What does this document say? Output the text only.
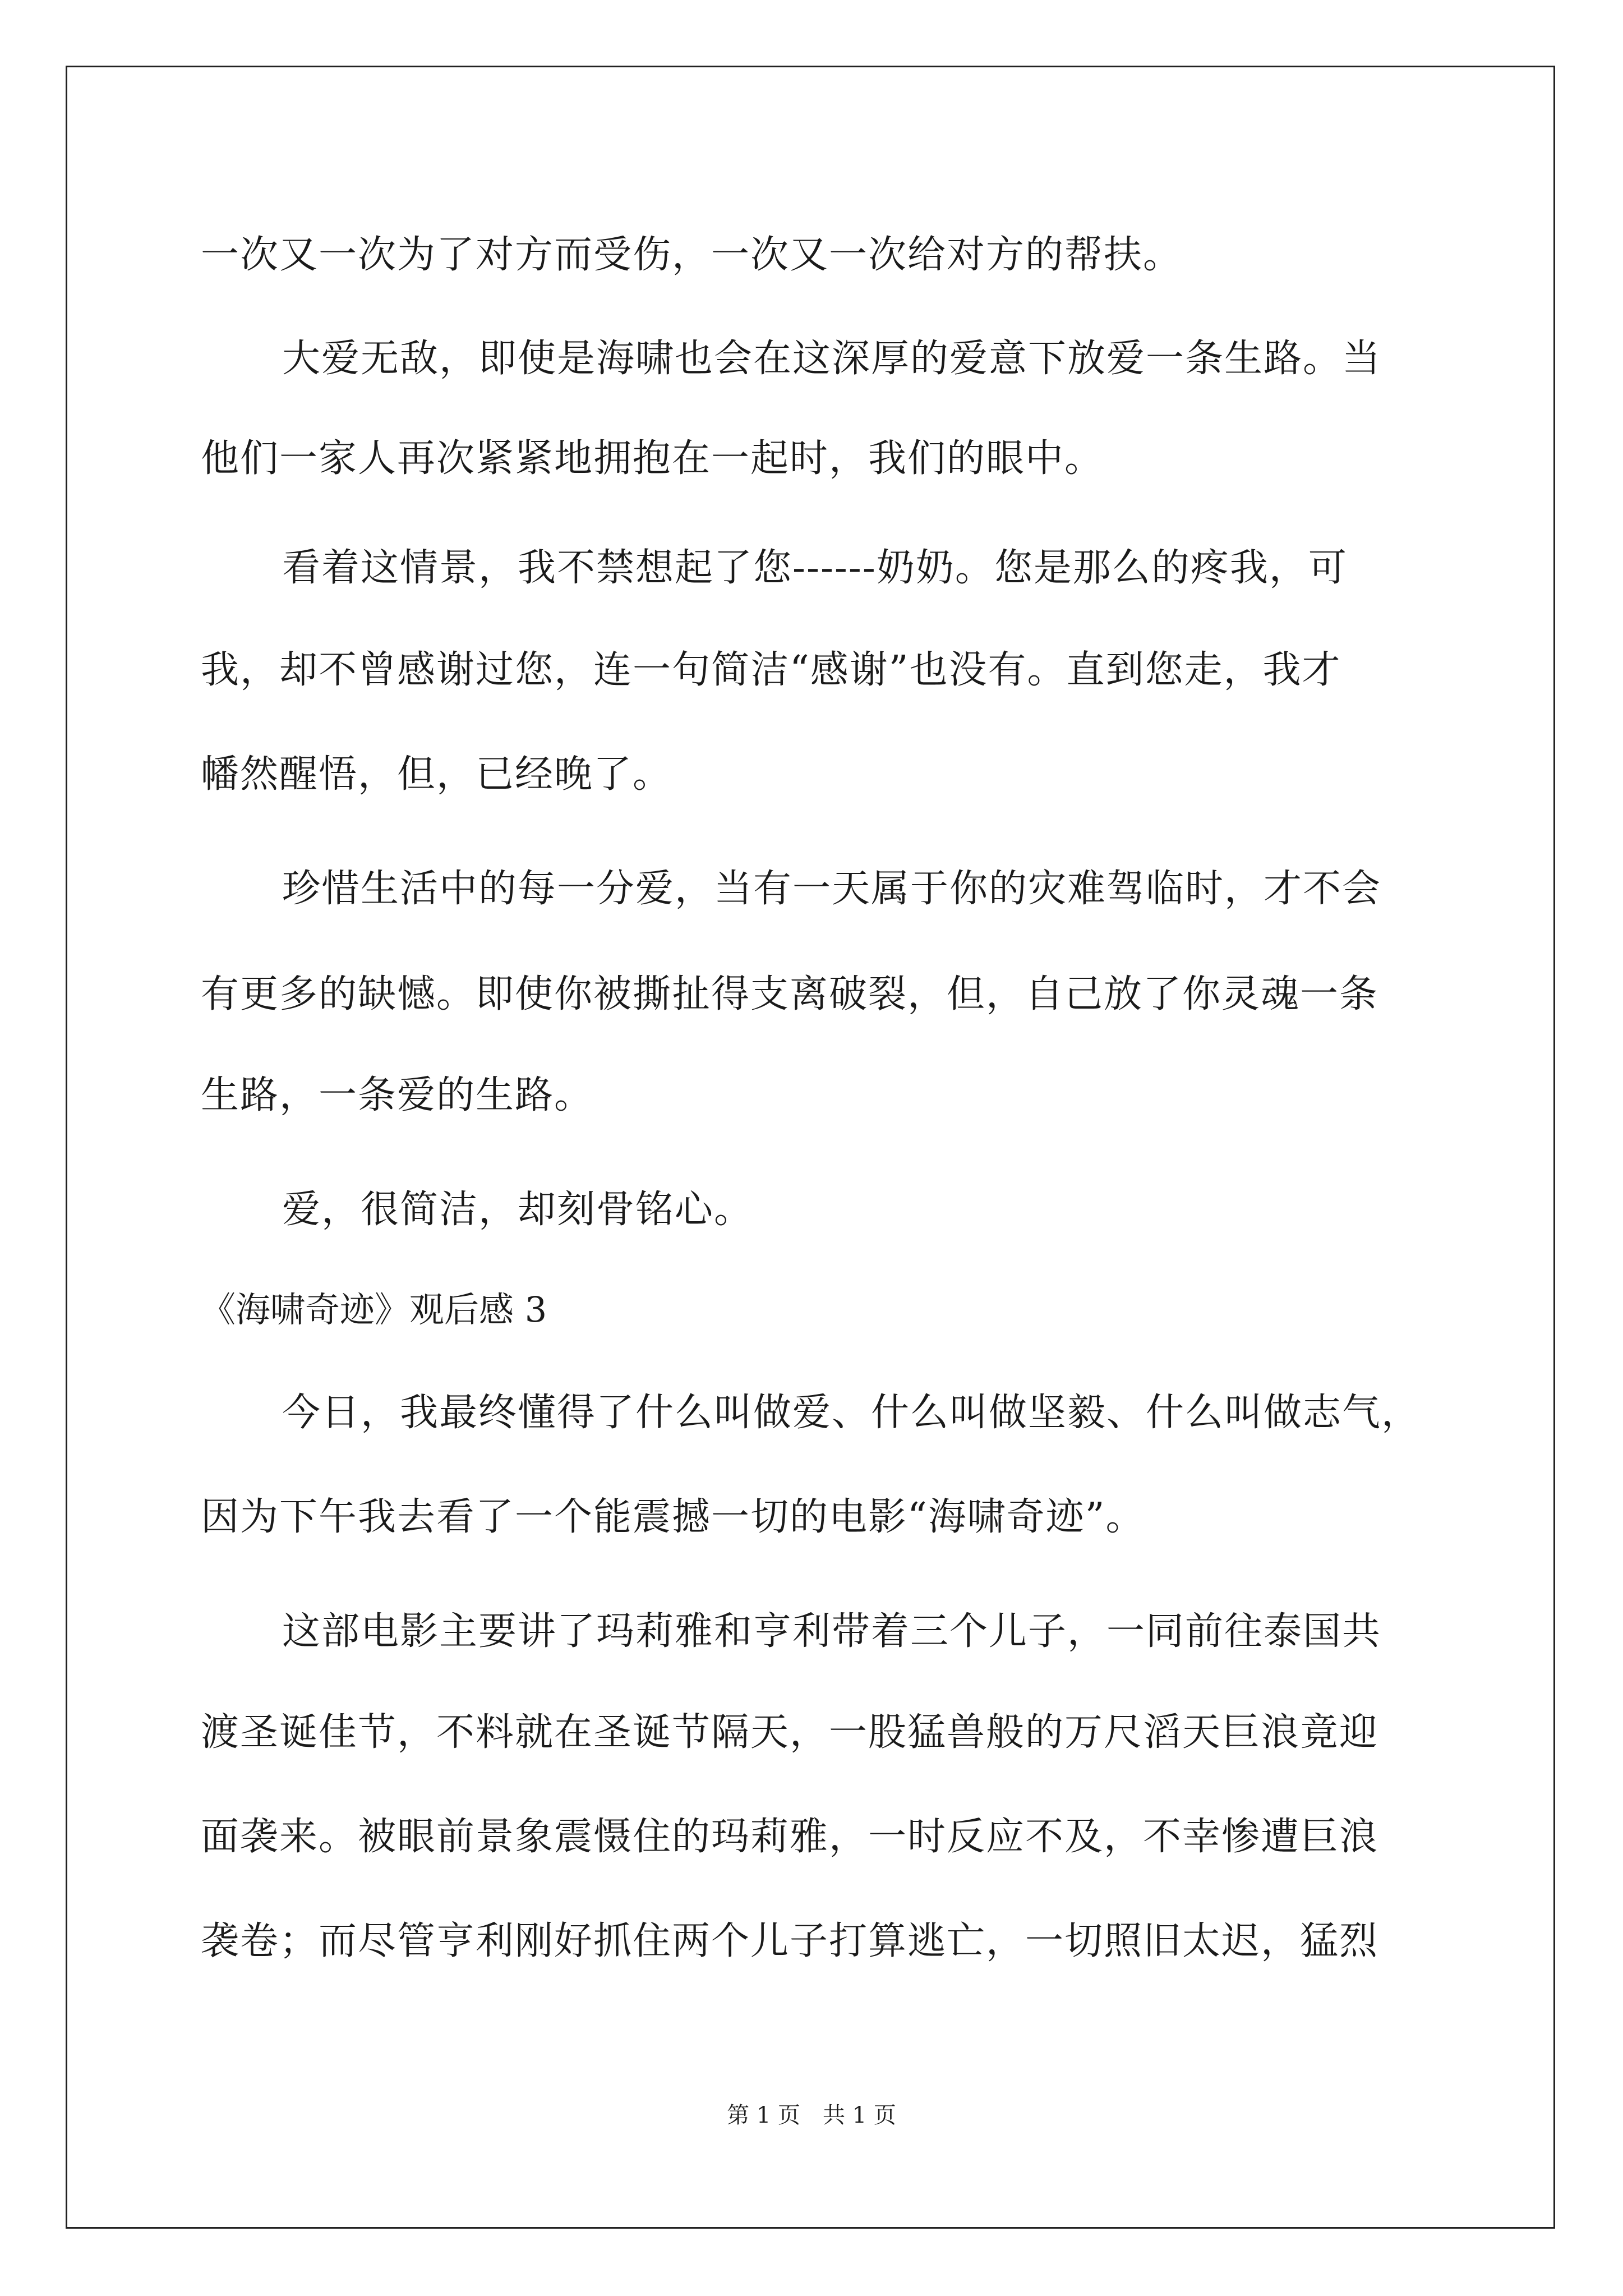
一次又一次为了对方而受伤，一次又一次给对方的帮扶。
大爱无敌，即使是海啸也会在这深厚的爱意下放爱一条生路。当
他们一家人再次紧紧地拥抱在一起时，我们的眼中。
看着这情景，我不禁想起了您------奶奶。您是那么的疼我，可
我，却不曾感谢过您，连一句简洁“感谢”也没有。直到您走，我才
幡然醒悟，但，已经晚了。
珍惜生活中的每一分爱，当有一天属于你的灾难驾临时，才不会
有更多的缺憾。即使你被撕扯得支离破裂，但，自己放了你灵魂一条
生路，一条爱的生路。
爱，很简洁，却刻骨铭心。
《海啸奇迹》观后感 3
今日，我最终懂得了什么叫做爱、什么叫做坚毅、什么叫做志气，
因为下午我去看了一个能震撼一切的电影“海啸奇迹”。
这部电影主要讲了玛莉雅和亨利带着三个儿子，一同前往泰国共
渡圣诞佳节，不料就在圣诞节隔天，一股猛兽般的万尺滔天巨浪竟迎
面袭来。被眼前景象震慑住的玛莉雅，一时反应不及，不幸惨遭巨浪
袭卷；而尽管亨利刚好抓住两个儿子打算逃亡，一切照旧太迟，猛烈
第 1 页　共 1 页
